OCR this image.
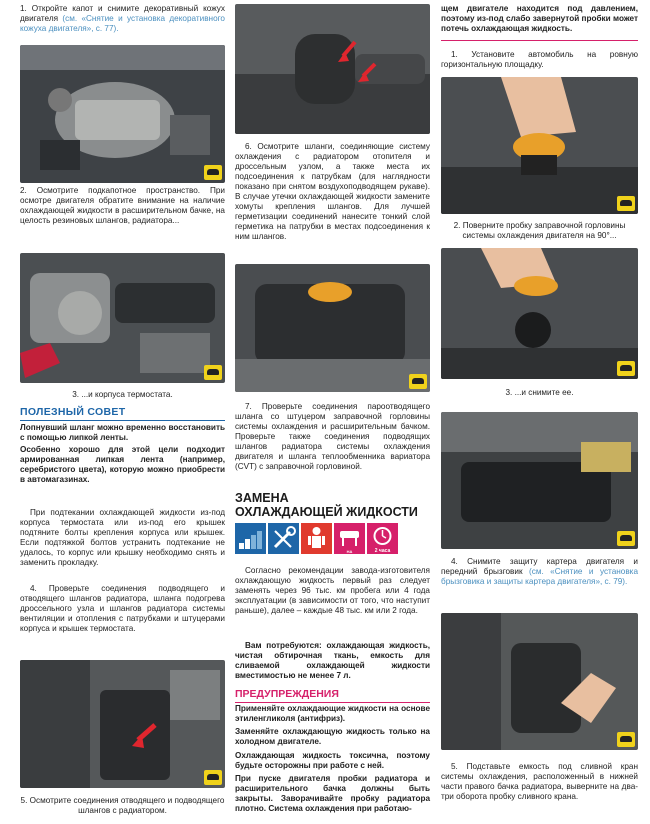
1. Откройте капот и снимите декоративный кожух двигателя (см. «Снятие и установка декоративного кожуха двигателя», с. 77).

2. Осмотрите подкапотное пространство. При осмотре двигателя обратите внимание на наличие охлаждающей жидкости в расширительном бачке, на целость резиновых шлангов, радиатора...

3. ...и корпуса термостата.

ПОЛЕЗНЫЙ СОВЕТ

Лопнувший шланг можно временно восстановить с помощью липкой ленты.

Особенно хорошо для этой цели подходит армированная липкая лента (например, серебристого цвета), которую можно приобрести в автомагазинах.

При подтекании охлаждающей жидкости из-под корпуса термостата или из-под его крышек подтяните болты крепления корпуса или крышек. Если подтяжкой болтов устранить подтекание не удалось, то корпус или крышку необходимо снять и заменить прокладку.

4. Проверьте соединения подводящего и отводящего шлангов радиатора, шланга подогрева дроссельного узла и шлангов радиатора системы вентиляции и отопления с патрубками и штуцерами корпуса и крышек термостата.

5. Осмотрите соединения отводящего и подводящего шлангов с радиатором.

6. Осмотрите шланги, соединяющие систему охлаждения с радиатором отопителя и дроссельным узлом, а также места их подсоединения к патрубкам (для наглядности показано при снятом воздухоподводящем рукаве). В случае утечки охлаждающей жидкости замените хомуты крепления шлангов. Для лучшей герметизации соединений нанесите тонкий слой герметика на патрубки в местах подсоединения к ним шлангов.

7. Проверьте соединения пароотводящего шланга со штуцером заправочной горловины системы охлаждения и расширительным бачком. Проверьте также соединения подводящих шлангов радиатора системы охлаждения двигателя и шланга теплообменника вариатора (CVT) с заправочной горловиной.

ЗАМЕНА
ОХЛАЖДАЮЩЕЙ ЖИДКОСТИ
НА ПОДЪЕМНИКЕ
2 часа

Согласно рекомендации завода-изготовителя охлаждающую жидкость первый раз следует заменять через 96 тыс. км пробега или 4 года эксплуатации (в зависимости от того, что наступит раньше), далее – каждые 48 тыс. км или 2 года.

Вам потребуются: охлаждающая жидкость, чистая обтирочная ткань, емкость для сливаемой охлаждающей жидкости вместимостью не менее 7 л.

ПРЕДУПРЕЖДЕНИЯ

Применяйте охлаждающие жидкости на основе этиленгликоля (антифриз).

Заменяйте охлаждающую жидкость только на холодном двигателе.

Охлаждающая жидкость токсична, поэтому будьте осторожны при работе с ней.

При пуске двигателя пробки радиатора и расширительного бачка должны быть закрыты. Заворачивайте пробку радиатора плотно. Система охлаждения при работаю-

щем двигателе находится под давлением, поэтому из-под слабо завернутой пробки может потечь охлаждающая жидкость.

1. Установите автомобиль на ровную горизонтальную площадку.

2. Поверните пробку заправочной горловины системы охлаждения двигателя на 90°...

3. ...и снимите ее.

4. Снимите защиту картера двигателя и передний брызговик (см. «Снятие и установка брызговика и защиты картера двигателя», с. 79).

5. Подставьте емкость под сливной кран системы охлаждения, расположенный в нижней части правого бачка радиатора, выверните на два-три оборота пробку сливного крана.
